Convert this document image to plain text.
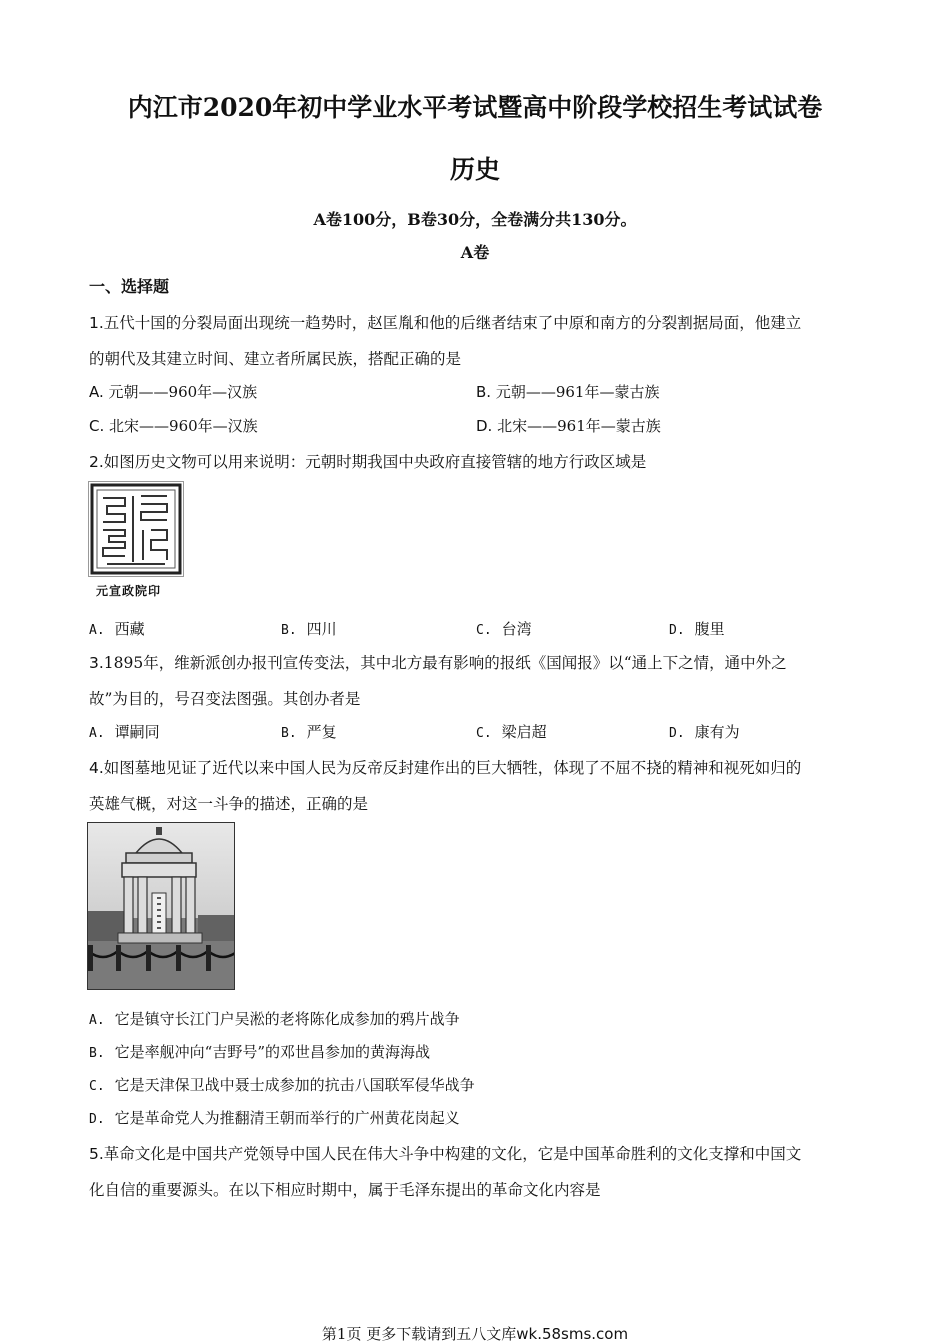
内江市2020年初中学业水平考试暨高中阶段学校招生考试试卷
历史
A卷100分，B卷30分，全卷满分共130分。
A卷
一、选择题
1.五代十国的分裂局面出现统一趋势时，赵匡胤和他的后继者结束了中原和南方的分裂割据局面，他建立
的朝代及其建立时间、建立者所属民族，搭配正确的是
A. 元朝——960年—汉族	B. 元朝——961年—蒙古族
C. 北宋——960年—汉族	D. 北宋——961年—蒙古族
2.如图历史文物可以用来说明：元朝时期我国中央政府直接管辖的地方行政区域是
元宣政院印
A. 西藏	B. 四川	C. 台湾	D. 腹里
3.1895年，维新派创办报刊宣传变法，其中北方最有影响的报纸《国闻报》以“通上下之情，通中外之
故”为目的，号召变法图强。其创办者是
A. 谭嗣同	B. 严复	C. 梁启超	D. 康有为
4.如图墓地见证了近代以来中国人民为反帝反封建作出的巨大牺牲，体现了不屈不挠的精神和视死如归的
英雄气概，对这一斗争的描述，正确的是
A. 它是镇守长江门户吴淞的老将陈化成参加的鸦片战争
B. 它是率舰冲向“吉野号”的邓世昌参加的黄海海战
C. 它是天津保卫战中聂士成参加的抗击八国联军侵华战争
D. 它是革命党人为推翻清王朝而举行的广州黄花岗起义
5.革命文化是中国共产党领导中国人民在伟大斗争中构建的文化，它是中国革命胜利的文化支撑和中国文
化自信的重要源头。在以下相应时期中，属于毛泽东提出的革命文化内容是
第1页 更多下载请到五八文库wk.58sms.com
